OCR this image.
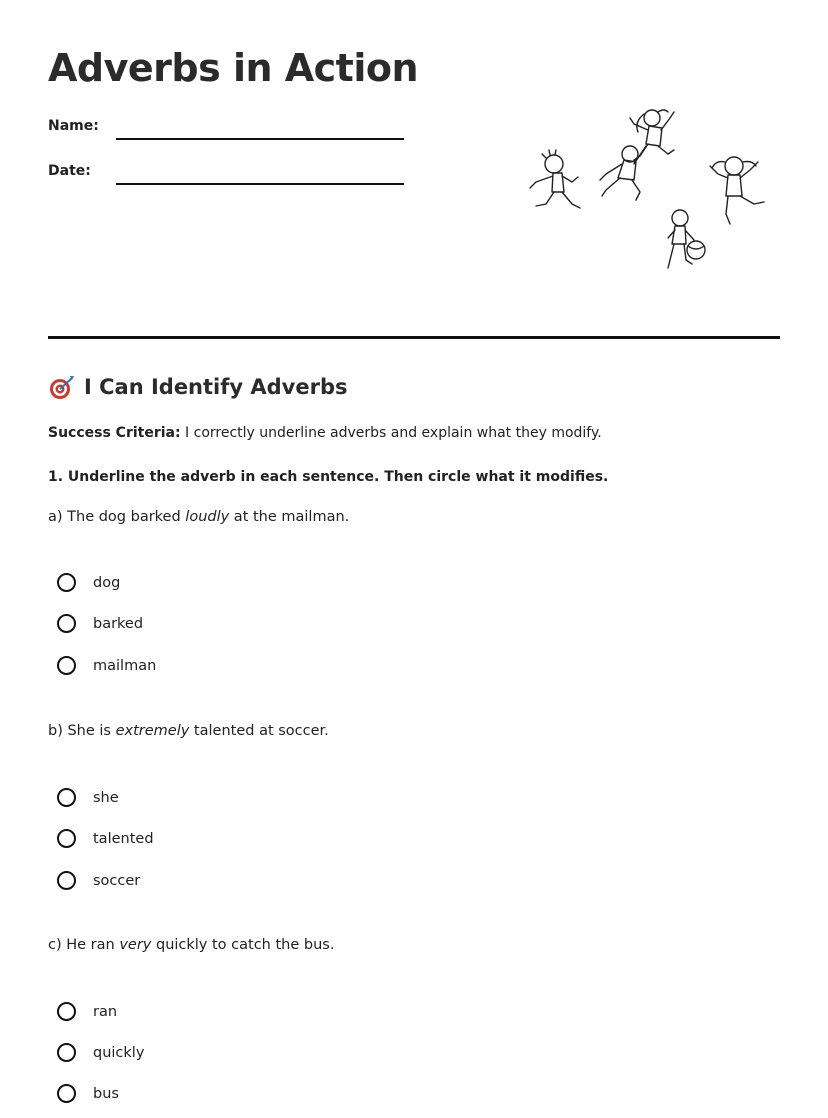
Adverbs in Action
Name:
Date:
I Can Identify Adverbs
Success Criteria: I correctly underline adverbs and explain what they modify.
1. Underline the adverb in each sentence. Then circle what it modifies.
a) The dog barked loudly at the mailman.
dog
barked
mailman
b) She is extremely talented at soccer.
she
talented
soccer
c) He ran very quickly to catch the bus.
ran
quickly
bus
